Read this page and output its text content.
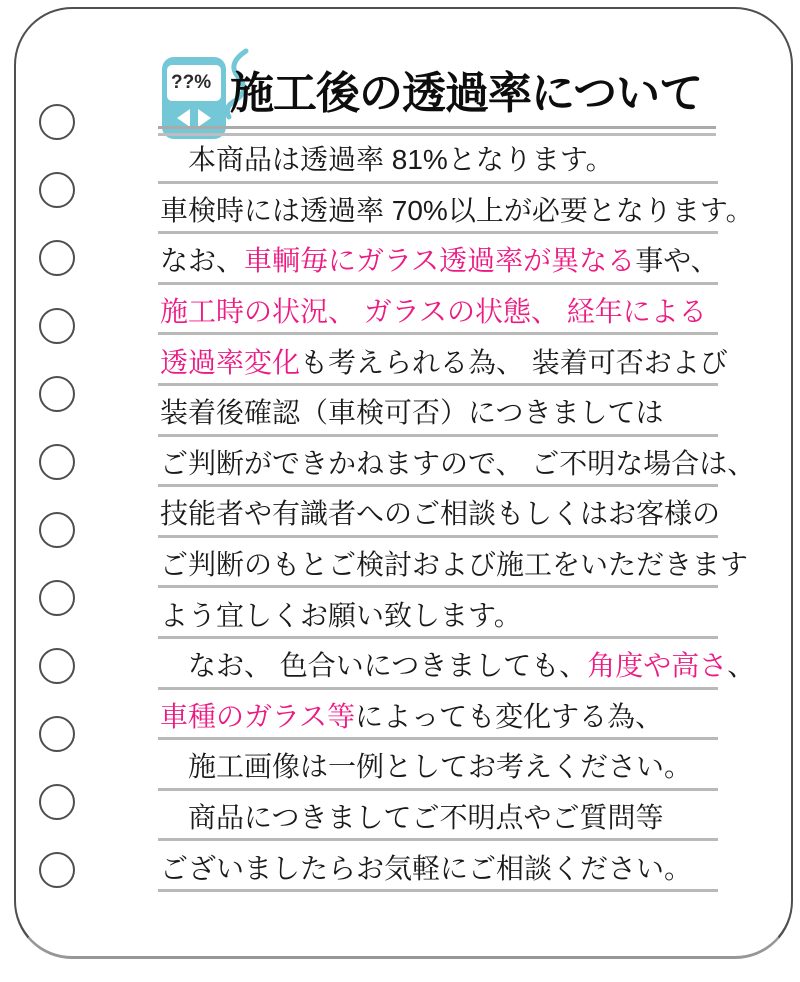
??% 施工後の透過率について
　本商品は透過率 81%となります。
車検時には透過率 70%以上が必要となります。
なお、 車輌毎にガラス透過率が異なる 事や、
施工時の状況、 ガラスの状態、 経年による
透過率変化 も考えられる為、 装着可否および
装着後確認（車検可否）につきましては
ご判断ができかねますので、 ご不明な場合は、
技能者や有識者へのご相談もしくはお客様の
ご判断のもとご検討および施工をいただきます
よう宜しくお願い致します。
　なお、 色合いにつきましても、 角度や高さ 、
車種のガラス等 によっても変化する為、
　施工画像は一例としてお考えください。
　商品につきましてご不明点やご質問等
ございましたらお気軽にご相談ください。
